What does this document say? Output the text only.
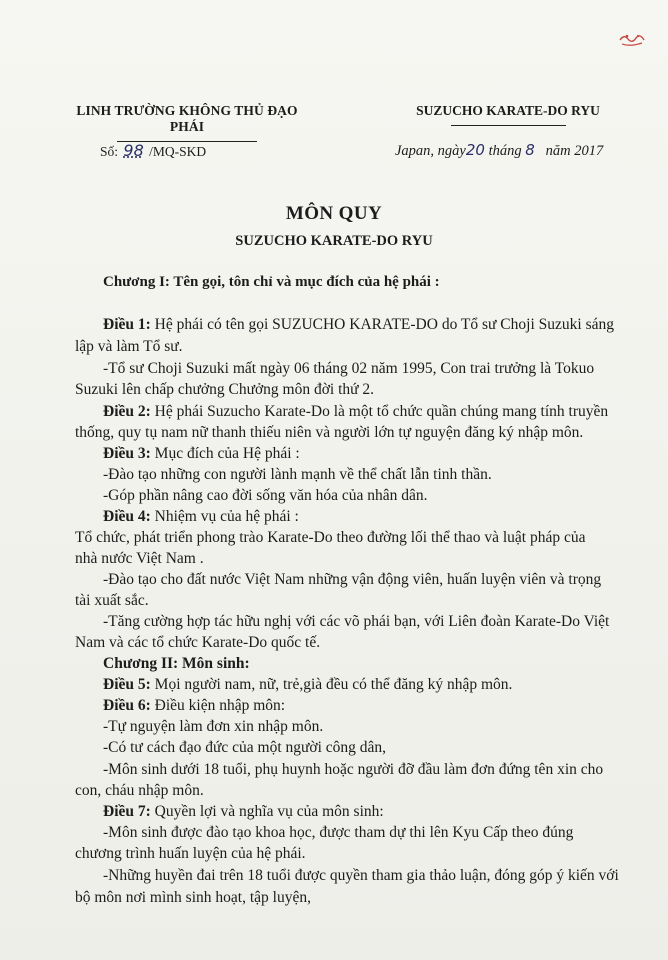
LINH TRƯỜNG KHÔNG THỦ ĐẠO PHÁI
SUZUCHO KARATE-DO RYU
Số: 98 /MQ-SKD	Japan, ngày20 tháng 8 năm 2017
MÔN QUY
SUZUCHO KARATE-DO RYU
Chương I: Tên gọi, tôn chỉ và mục đích của hệ phái :
Điều 1: Hệ phái có tên gọi SUZUCHO KARATE-DO do Tổ sư Choji Suzuki sáng
lập và làm Tổ sư.
-Tổ sư Choji Suzuki mất ngày 06 tháng 02 năm 1995, Con trai trưởng là Tokuo
Suzuki lên chấp chưởng Chưởng môn đời thứ 2.
Điều 2: Hệ phái Suzucho Karate-Do là một tổ chức quần chúng mang tính truyền
thống, quy tụ nam nữ thanh thiếu niên và người lớn tự nguyện đăng ký nhập môn.
Điều 3: Mục đích của Hệ phái :
-Đào tạo những con người lành mạnh về thể chất lẫn tinh thần.
-Góp phần nâng cao đời sống văn hóa của nhân dân.
Điều 4: Nhiệm vụ của hệ phái :
Tổ chức, phát triển phong trào Karate-Do theo đường lối thể thao và luật pháp của
nhà nước Việt Nam .
-Đào tạo cho đất nước Việt Nam những vận động viên, huấn luyện viên và trọng
tài xuất sắc.
-Tăng cường hợp tác hữu nghị với các võ phái bạn, với Liên đoàn Karate-Do Việt
Nam và các tổ chức Karate-Do quốc tế.
Chương II: Môn sinh:
Điều 5: Mọi người nam, nữ, trẻ,già đều có thể đăng ký nhập môn.
Điều 6: Điều kiện nhập môn:
-Tự nguyện làm đơn xin nhập môn.
-Có tư cách đạo đức của một người công dân,
-Môn sinh dưới 18 tuổi, phụ huynh hoặc người đỡ đầu làm đơn đứng tên xin cho
con, cháu nhập môn.
Điều 7: Quyền lợi và nghĩa vụ của môn sinh:
-Môn sinh được đào tạo khoa học, được tham dự thi lên Kyu Cấp theo đúng
chương trình huấn luyện của hệ phái.
-Những huyền đai trên 18 tuổi được quyền tham gia thảo luận, đóng góp ý kiến với
bộ môn nơi mình sinh hoạt, tập luyện,
